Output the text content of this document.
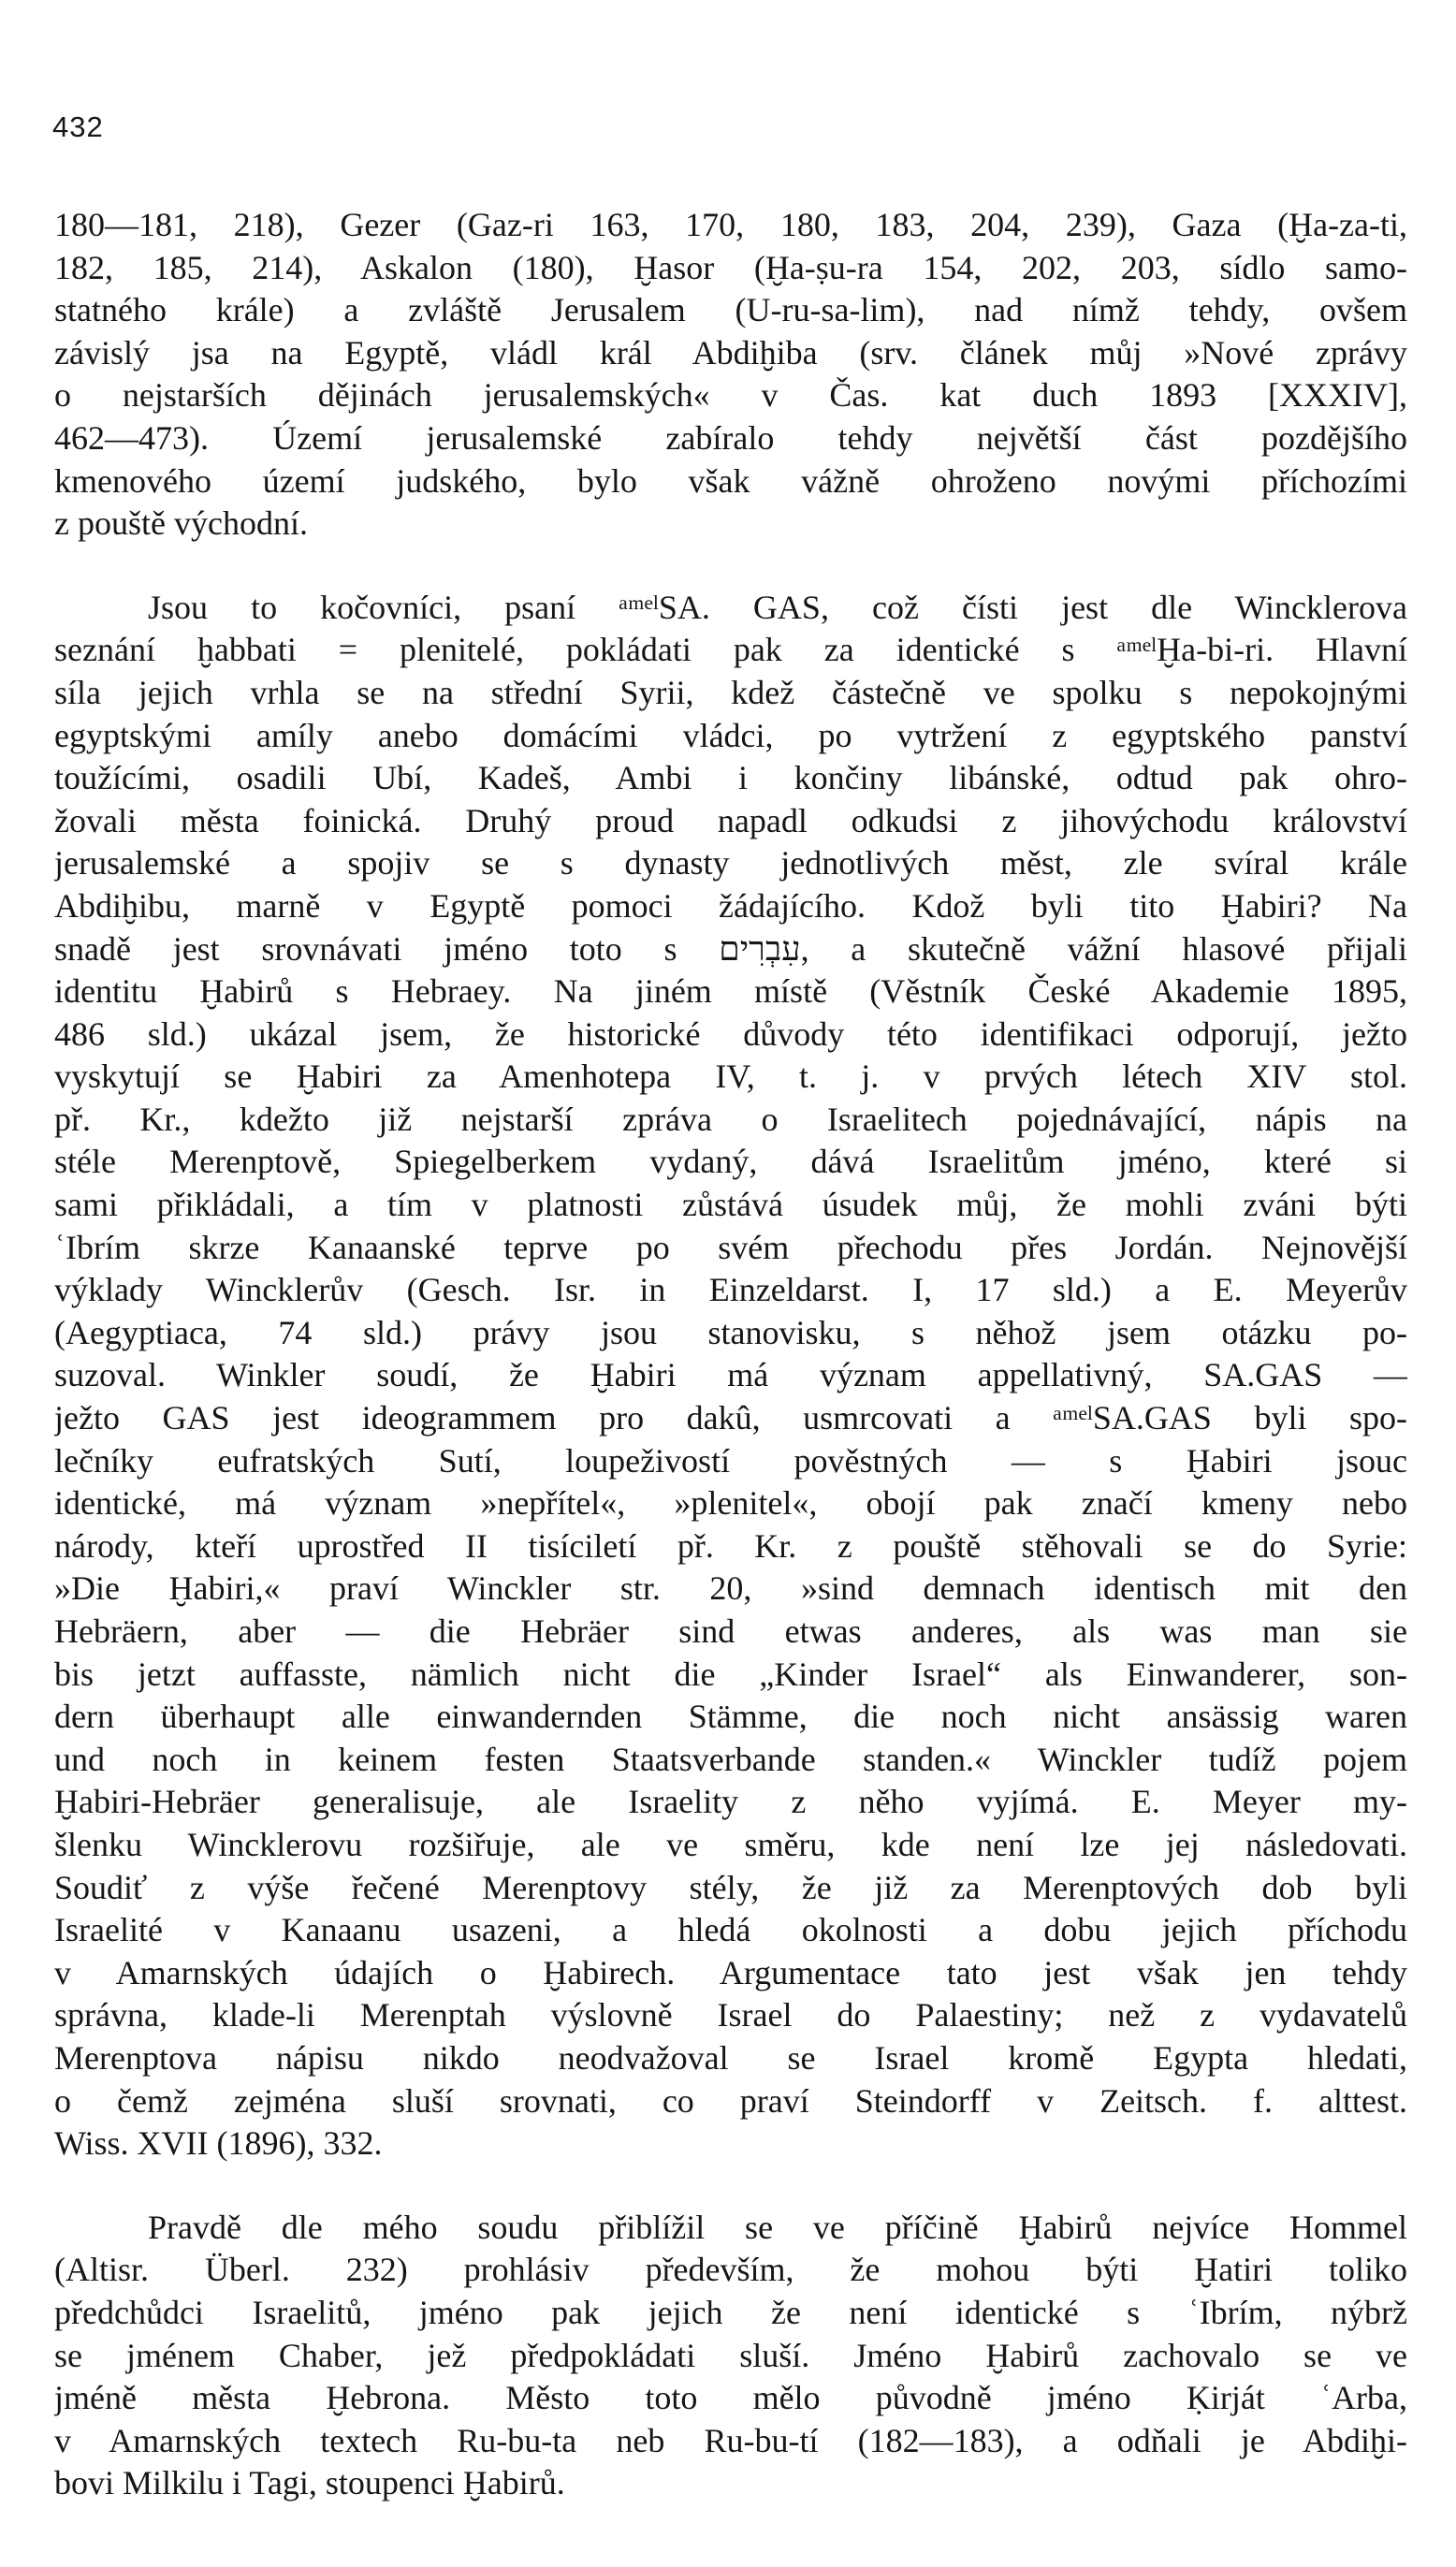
432
180—181, 218), Gezer (Gaz-ri 163, 170, 180, 183, 204, 239), Gaza (Ḫa-za-ti,
182, 185, 214), Askalon (180), Ḫasor (Ḫa-ṣu-ra 154, 202, 203, sídlo samo-
statného krále) a zvláště Jerusalem (U-ru-sa-lim), nad nímž tehdy, ovšem
závislý jsa na Egyptě, vládl král Abdiḫiba (srv. článek můj »Nové zprávy
o nejstarších dějinách jerusalemských« v Čas. kat duch 1893 [XXXIV],
462—473). Území jerusalemské zabíralo tehdy největší část pozdějšího
kmenového území judského, bylo však vážně ohroženo novými příchozími
z pouště východní.
Jsou to kočovníci, psaní ᵃᵐᵉˡSA. GAS, což čísti jest dle Wincklerova
seznání ḫabbati = plenitelé, pokládati pak za identické s ᵃᵐᵉˡḪa-bi-ri. Hlavní
síla jejich vrhla se na střední Syrii, kdež částečně ve spolku s nepokojnými
egyptskými amíly anebo domácími vládci, po vytržení z egyptského panství
toužícími, osadili Ubí, Kadeš, Ambi i končiny libánské, odtud pak ohro-
žovali města foinická. Druhý proud napadl odkudsi z jihovýchodu království
jerusalemské a spojiv se s dynasty jednotlivých měst, zle svíral krále
Abdiḫibu, marně v Egyptě pomoci žádajícího. Kdož byli tito Ḫabiri? Na
snadě jest srovnávati jméno toto s עִבְרִים, a skutečně vážní hlasové přijali
identitu Ḫabirů s Hebraey. Na jiném místě (Věstník České Akademie 1895,
486 sld.) ukázal jsem, že historické důvody této identifikaci odporují, ježto
vyskytují se Ḫabiri za Amenhotepa IV, t. j. v prvých létech XIV stol.
př. Kr., kdežto již nejstarší zpráva o Israelitech pojednávající, nápis na
stéle Merenptově, Spiegelberkem vydaný, dává Israelitům jméno, které si
sami přikládali, a tím v platnosti zůstává úsudek můj, že mohli zváni býti
ʿIbrím skrze Kanaanské teprve po svém přechodu přes Jordán. Nejnovější
výklady Wincklerův (Gesch. Isr. in Einzeldarst. I, 17 sld.) a E. Meyerův
(Aegyptiaca, 74 sld.) právy jsou stanovisku, s něhož jsem otázku po-
suzoval. Winkler soudí, že Ḫabiri má význam appellativný, SA.GAS —
ježto GAS jest ideogrammem pro dakû, usmrcovati a ᵃᵐᵉˡSA.GAS byli spo-
lečníky eufratských Sutí, loupeživostí pověstných — s Ḫabiri jsouc
identické, má význam »nepřítel«, »plenitel«, obojí pak značí kmeny nebo
národy, kteří uprostřed II tisíciletí př. Kr. z pouště stěhovali se do Syrie:
»Die Ḫabiri,« praví Winckler str. 20, »sind demnach identisch mit den
Hebräern, aber — die Hebräer sind etwas anderes, als was man sie
bis jetzt auffasste, nämlich nicht die „Kinder Israel“ als Einwanderer, son-
dern überhaupt alle einwandernden Stämme, die noch nicht ansässig waren
und noch in keinem festen Staatsverbande standen.« Winckler tudíž pojem
Ḫabiri-Hebräer generalisuje, ale Israelity z něho vyjímá. E. Meyer my-
šlenku Wincklerovu rozšiřuje, ale ve směru, kde není lze jej následovati.
Soudiť z výše řečené Merenptovy stély, že již za Merenptových dob byli
Israelité v Kanaanu usazeni, a hledá okolnosti a dobu jejich příchodu
v Amarnských údajích o Ḫabirech. Argumentace tato jest však jen tehdy
správna, klade-li Merenptah výslovně Israel do Palaestiny; než z vydavatelů
Merenptova nápisu nikdo neodvažoval se Israel kromě Egypta hledati,
o čemž zejména sluší srovnati, co praví Steindorff v Zeitsch. f. alttest.
Wiss. XVII (1896), 332.
Pravdě dle mého soudu přiblížil se ve příčině Ḫabirů nejvíce Hommel
(Altisr. Überl. 232) prohlásiv především, že mohou býti Ḫatiri toliko
předchůdci Israelitů, jméno pak jejich že není identické s ʿIbrím, nýbrž
se jménem Chaber, jež předpokládati sluší. Jméno Ḫabirů zachovalo se ve
jméně města Ḫebrona. Město toto mělo původně jméno Ḳirját ʿArba,
v Amarnských textech Ru-bu-ta neb Ru-bu-tí (182—183), a odňali je Abdiḫi-
bovi Milkilu i Tagi, stoupenci Ḫabirů.
